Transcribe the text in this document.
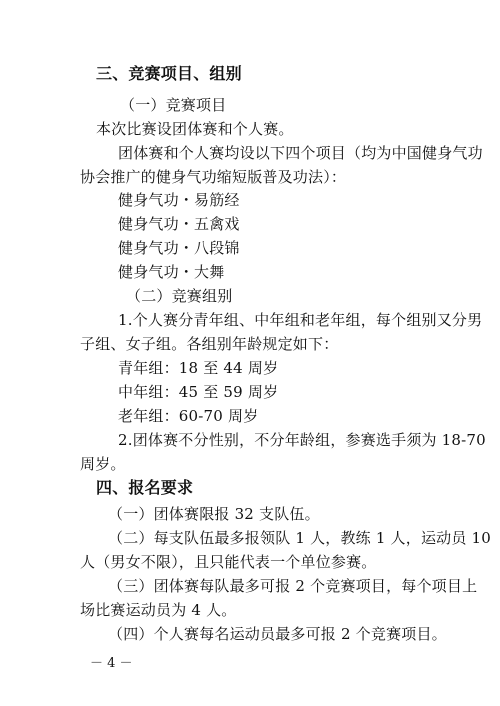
三、竞赛项目、组别
（一）竞赛项目
本次比赛设团体赛和个人赛。
团体赛和个人赛均设以下四个项目（均为中国健身气功
协会推广的健身气功缩短版普及功法）：
健身气功・易筋经
健身气功・五禽戏
健身气功・八段锦
健身气功・大舞
（二）竞赛组别
1.个人赛分青年组、中年组和老年组，每个组别又分男
子组、女子组。各组别年龄规定如下：
青年组：18 至 44 周岁
中年组：45 至 59 周岁
老年组：60-70 周岁
2.团体赛不分性别，不分年龄组，参赛选手须为 18-70
周岁。
四、报名要求
（一）团体赛限报 32 支队伍。
（二）每支队伍最多报领队 1 人，教练 1 人，运动员 10
人（男女不限），且只能代表一个单位参赛。
（三）团体赛每队最多可报 2 个竞赛项目，每个项目上
场比赛运动员为 4 人。
（四）个人赛每名运动员最多可报 2 个竞赛项目。
－ 4 －
